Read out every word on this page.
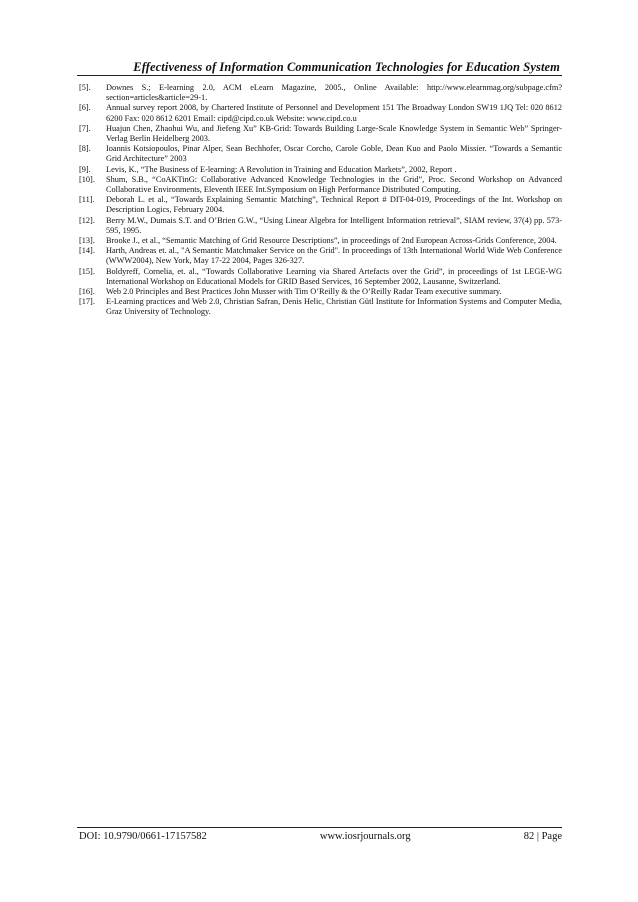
Effectiveness of Information Communication Technologies for Education System
[5].	Downes S.; E-learning 2.0, ACM eLearn Magazine, 2005., Online Available: http://www.elearnmag.org/subpage.cfm?section=articles&article=29-1.
[6].	Annual survey report 2008, by Chartered Institute of Personnel and Development 151 The Broadway London SW19 1JQ Tel: 020 8612 6200 Fax: 020 8612 6201 Email: cipd@cipd.co.uk Website: www.cipd.co.u
[7].	Huajun Chen, Zhaohui Wu, and Jiefeng Xu” KB-Grid: Towards Building Large-Scale Knowledge System in Semantic Web” Springer-Verlag Berlin Heidelberg 2003.
[8].	Ioannis Kotsiopoulos, Pinar Alper, Sean Bechhofer, Oscar Corcho, Carole Goble, Dean Kuo and Paolo Missier. “Towards a Semantic Grid Architecture” 2003
[9].	Levis, K., “The Business of E-learning: A Revolution in Training and Education Markets”, 2002, Report .
[10].	Shum, S.B., “CoAKTinG: Collaborative Advanced Knowledge Technologies in the Grid”, Proc. Second Workshop on Advanced Collaborative Environments, Eleventh IEEE Int.Symposium on High Performance Distributed Computing.
[11].	Deborah L. et al., “Towards Explaining Semantic Matching”, Technical Report # DIT-04-019, Proceedings of the Int. Workshop on Description Logics, February 2004.
[12].	Berry M.W., Dumais S.T. and O’Brien G.W., “Using Linear Algebra for Intelligent Information retrieval”, SIAM review, 37(4) pp. 573-595, 1995.
[13].	Brooke J., et al., “Semantic Matching of Grid Resource Descriptions”, in proceedings of 2nd European Across-Grids Conference, 2004.
[14].	Harth, Andreas et. al., "A Semantic Matchmaker Service on the Grid". In proceedings of 13th International World Wide Web Conference (WWW2004), New York, May 17-22 2004, Pages 326-327.
[15].	Boldyreff, Cornelia, et. al., “Towards Collaborative Learning via Shared Artefacts over the Grid”, in proceedings of 1st LEGE-WG International Workshop on Educational Models for GRID Based Services, 16 September 2002, Lausanne, Switzerland.
[16].	Web 2.0 Principles and Best Practices John Musser with Tim O’Reilly & the O’Reilly Radar Team executive summary.
[17].	E-Learning practices and Web 2.0, Christian Safran, Denis Helic, Christian Gütl Institute for Information Systems and Computer Media, Graz University of Technology.
DOI: 10.9790/0661-17157582	www.iosrjournals.org	82 | Page
